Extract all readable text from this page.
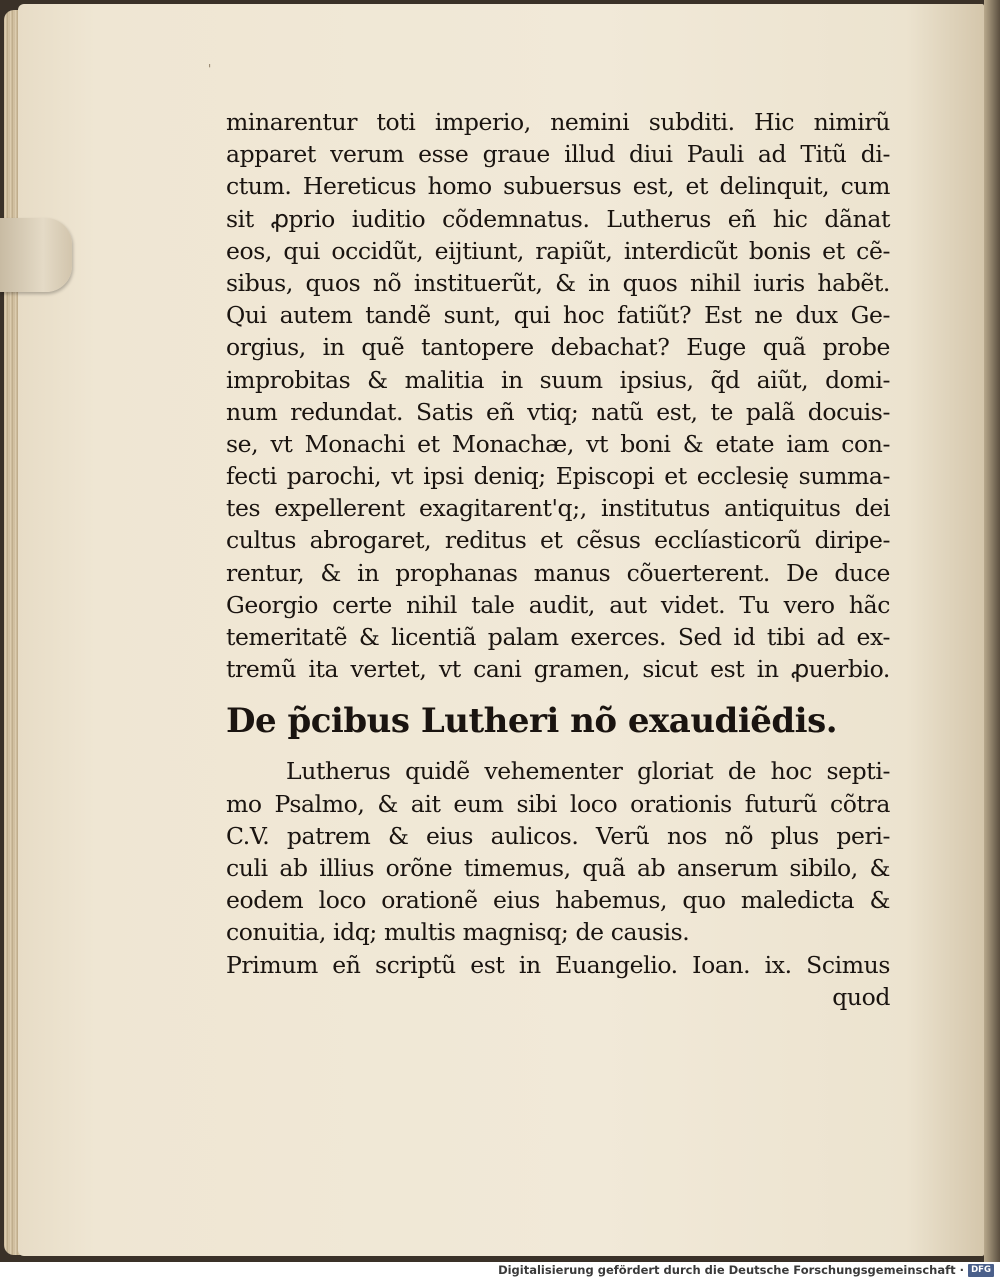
'
minarentur toti imperio, nemini subditi. Hic nimirũ
apparet verum esse graue illud diui Pauli ad Titũ di-
ctum. Hereticus homo subuersus est, et delinquit, cum
sit ꝓprio iuditio cõdemnatus. Lutherus eñ hic dãnat
eos, qui occidũt, eijtiunt, rapiũt, interdicũt bonis et cẽ-
sibus, quos nõ instituerũt, & in quos nihil iuris habẽt.
Qui autem tandẽ sunt, qui hoc fatiũt? Est ne dux Ge-
orgius, in quẽ tantopere debachat? Euge quã probe
improbitas & malitia in suum ipsius, q̃d aiũt, domi-
num redundat. Satis eñ vtiq; natũ est, te palã docuis-
se, vt Monachi et Monachæ, vt boni & etate iam con-
fecti parochi, vt ipsi deniq; Episcopi et ecclesię summa-
tes expellerent exagitarent'q;, institutus antiquitus dei
cultus abrogaret, reditus et cẽsus ecclíasticorũ diripe-
rentur, & in prophanas manus cõuerterent. De duce
Georgio certe nihil tale audit, aut videt. Tu vero hãc
temeritatẽ & licentiã palam exerces. Sed id tibi ad ex-
tremũ ita vertet, vt cani gramen, sicut est in ꝓuerbio.
De p̃cibus Lutheri nõ exaudiẽdis.
Lutherus quidẽ vehementer gloriat de hoc septi-
mo Psalmo, & ait eum sibi loco orationis futurũ cõtra
C.V. patrem & eius aulicos. Verũ nos nõ plus peri-
culi ab illius orõne timemus, quã ab anserum sibilo, &
eodem loco orationẽ eius habemus, quo maledicta &
conuitia, idq; multis magnisq; de causis.
Primum eñ scriptũ est in Euangelio. Ioan. ix. Scimus
quod
Digitalisierung gefördert durch die Deutsche Forschungsgemeinschaft · DFG
